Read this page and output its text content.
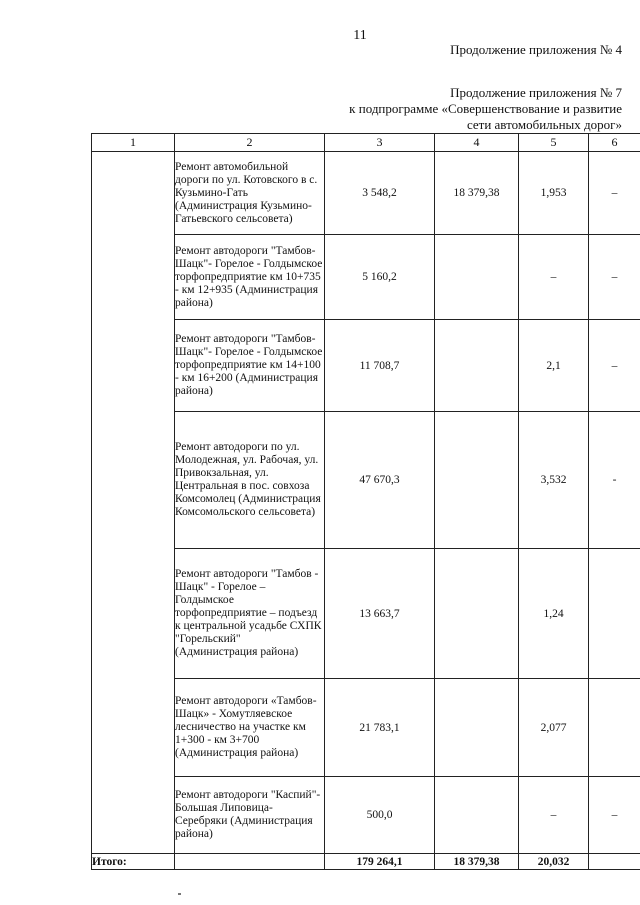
11
Продолжение приложения № 4
Продолжение приложения № 7
к подпрограмме «Совершенствование и развитие
сети автомобильных дорог»
1	2	3	4	5	6
	Ремонт автомобильной дороги по ул. Котовского в с. Кузьмино-Гать (Администрация Кузьмино-Гатьевского сельсовета)	3 548,2	18 379,38	1,953	–
	Ремонт автодороги "Тамбов-Шацк"- Горелое - Голдымское торфопредприятие км 10+735 - км 12+935 (Администрация района)	5 160,2		–	–
	Ремонт автодороги "Тамбов-Шацк"- Горелое - Голдымское торфопредприятие км 14+100 - км 16+200 (Администрация района)	11 708,7		2,1	–
	Ремонт автодороги по ул. Молодежная, ул. Рабочая, ул. Привокзальная, ул. Центральная в пос. совхоза Комсомолец (Администрация Комсомольского сельсовета)	47 670,3		3,532	-
	Ремонт автодороги "Тамбов - Шацк" - Горелое – Голдымское торфопредприятие – подъезд к центральной усадьбе СХПК "Горельский" (Администрация района)	13 663,7		1,24	
	Ремонт автодороги «Тамбов-Шацк» - Хомутляевское лесничество на участке км 1+300 - км 3+700 (Администрация района)	21 783,1		2,077	
	Ремонт автодороги "Каспий"-Большая Липовица-Серебряки (Администрация района)	500,0		–	–
Итого:		179 264,1	18 379,38	20,032	
